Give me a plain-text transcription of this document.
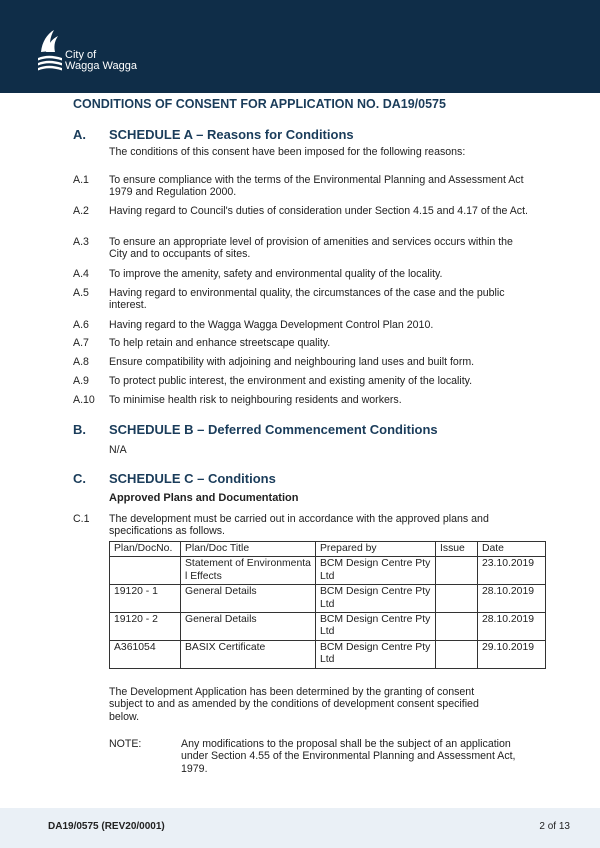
City of
Wagga Wagga
CONDITIONS OF CONSENT FOR APPLICATION NO. DA19/0575
A. SCHEDULE A – Reasons for Conditions
The conditions of this consent have been imposed for the following reasons:
A.1 To ensure compliance with the terms of the Environmental Planning and Assessment Act 1979 and Regulation 2000.
A.2 Having regard to Council's duties of consideration under Section 4.15 and 4.17 of the Act.
A.3 To ensure an appropriate level of provision of amenities and services occurs within the City and to occupants of sites.
A.4 To improve the amenity, safety and environmental quality of the locality.
A.5 Having regard to environmental quality, the circumstances of the case and the public interest.
A.6 Having regard to the Wagga Wagga Development Control Plan 2010.
A.7 To help retain and enhance streetscape quality.
A.8 Ensure compatibility with adjoining and neighbouring land uses and built form.
A.9 To protect public interest, the environment and existing amenity of the locality.
A.10 To minimise health risk to neighbouring residents and workers.
B. SCHEDULE B – Deferred Commencement Conditions
N/A
C. SCHEDULE C – Conditions
Approved Plans and Documentation
C.1 The development must be carried out in accordance with the approved plans and specifications as follows.
Plan/DocNo.	Plan/Doc Title	Prepared by	Issue	Date
	Statement of Environmental Effects	BCM Design Centre Pty Ltd		23.10.2019
19120 - 1	General Details	BCM Design Centre Pty Ltd		28.10.2019
19120 - 2	General Details	BCM Design Centre Pty Ltd		28.10.2019
A361054	BASIX Certificate	BCM Design Centre Pty Ltd		29.10.2019
The Development Application has been determined by the granting of consent subject to and as amended by the conditions of development consent specified below.
NOTE:	Any modifications to the proposal shall be the subject of an application under Section 4.55 of the Environmental Planning and Assessment Act, 1979.
DA19/0575 (REV20/0001)	2 of 13
